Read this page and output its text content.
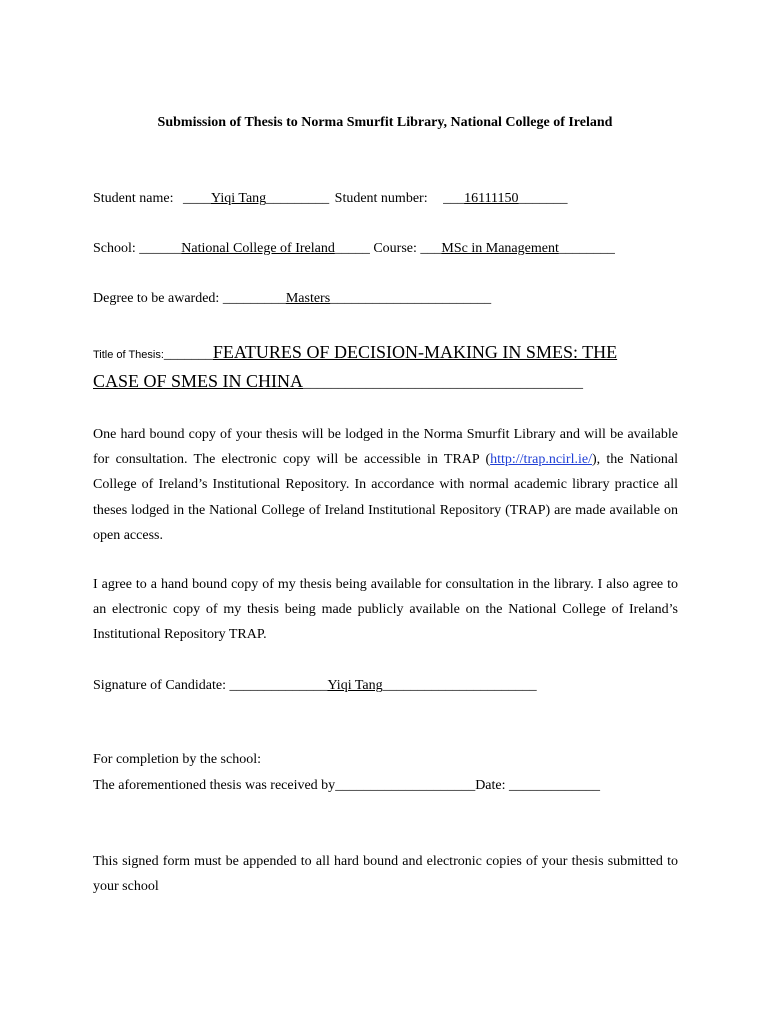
Submission of Thesis to Norma Smurfit Library, National College of Ireland
Student name: ____Yiqi Tang_________ Student number: ___16111150_______
School: ______National College of Ireland_____ Course: ___MSc in Management________
Degree to be awarded: _________Masters_______________________
Title of Thesis:_______FEATURES OF DECISION-MAKING IN SMES: THE
CASE OF SMES IN CHINA________________________________________
One hard bound copy of your thesis will be lodged in the Norma Smurfit Library and will be available for consultation. The electronic copy will be accessible in TRAP (http://trap.ncirl.ie/), the National College of Ireland’s Institutional Repository. In accordance with normal academic library practice all theses lodged in the National College of Ireland Institutional Repository (TRAP) are made available on open access.
I agree to a hand bound copy of my thesis being available for consultation in the library. I also agree to an electronic copy of my thesis being made publicly available on the National College of Ireland’s Institutional Repository TRAP.
Signature of Candidate: ______________Yiqi Tang______________________
For completion by the school:
The aforementioned thesis was received by____________________Date: _____________
This signed form must be appended to all hard bound and electronic copies of your thesis submitted to your school
